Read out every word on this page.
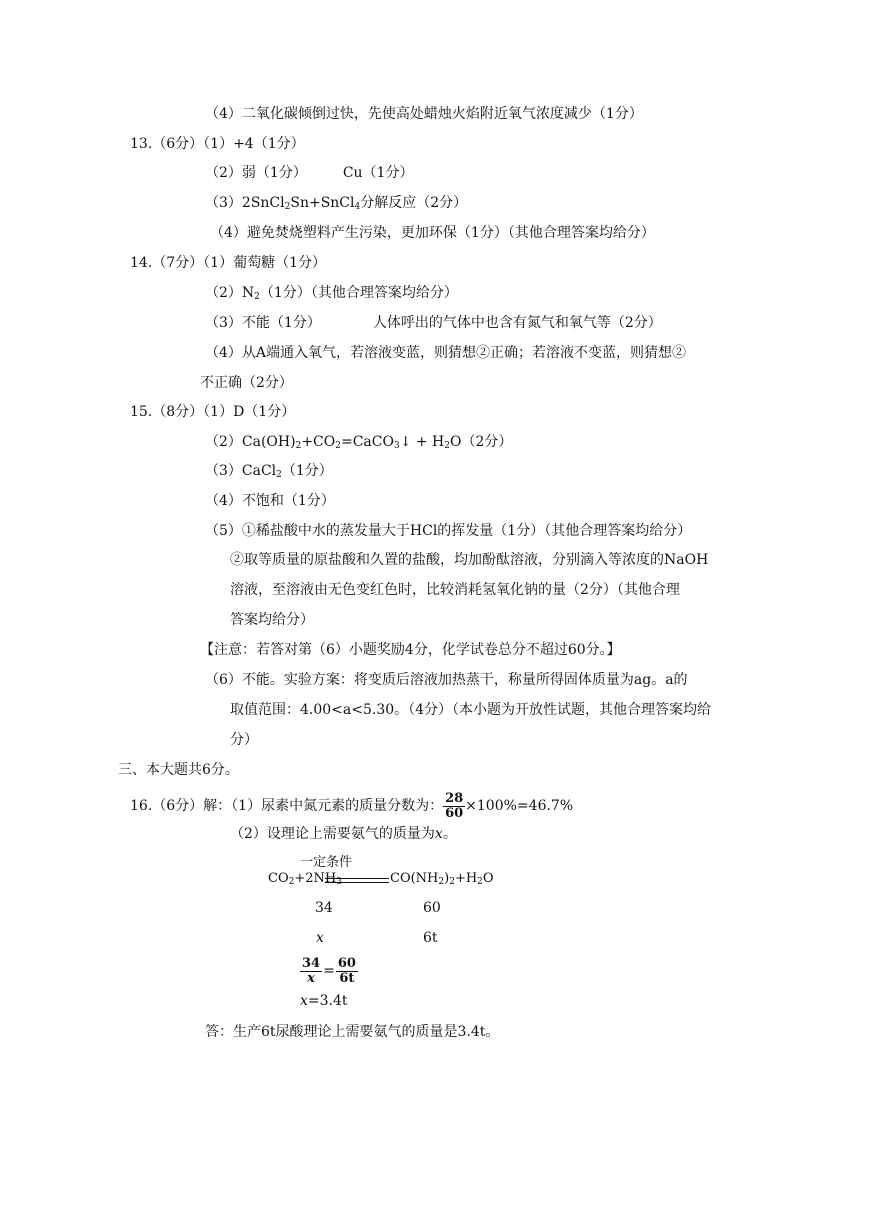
（4）二氧化碳倾倒过快，先使高处蜡烛火焰附近氧气浓度减少（1分）
13.（6分）（1）+4（1分）
（2）弱（1分）	Cu（1分）
（3）2SnCl$_2$Sn+SnCl$_4$分解反应（2分）
（4）避免焚烧塑料产生污染，更加环保（1分）（其他合理答案均给分）
14.（7分）（1）葡萄糖（1分）
$(2)N_2(1$分）（其他合理答案均给分）
（3）不能（1分）	人体呼出的气体中也含有氮气和氧气等（2分）
（4）从A端通入氧气，若溶液变蓝，则猜想②正确；若溶液不变蓝，则猜想②
不正确（2分）
15.（8分）（1）D（1分）
$(2)Ca(OH)_2+CO_2=CaCO_3↓ + H_2O(2$分）
（3）CaCl$_2$（1分）
（4）不饱和（1分）
（5）①稀盐酸中水的蒸发量大于HCl的挥发量（1分）（其他合理答案均给分）
②取等质量的原盐酸和久置的盐酸，均加酚酞溶液，分别滴入等浓度的NaOH
溶液，至溶液由无色变红色时，比较消耗氢氧化钠的量（2分）（其他合理
答案均给分）
【注意：若答对第（6）小题奖励4分，化学试卷总分不超过60分。】
（6）不能。实验方案：将变质后溶液加热蒸干，称量所得固体质量为ag。a的
取值范围：4.00<a<5.30。（4分）（本小题为开放性试题，其他合理答案均给
分）
三、本大题共6分。
16.（6分）解：（1）尿素中氮元素的质量分数为： $\frac{28}{60} \times 100\%=46.7\%$
（2）设理论上需要氨气的质量为x。
一定条件
$CO_2+2NH_3$	$CO(NH_2)_2+H_2O$
34	60
x	6t
$\frac{34}{x} = \frac{60}{6t}$
x=3.4t
答：生产6t尿酸理论上需要氨气的质量是3.4t。
